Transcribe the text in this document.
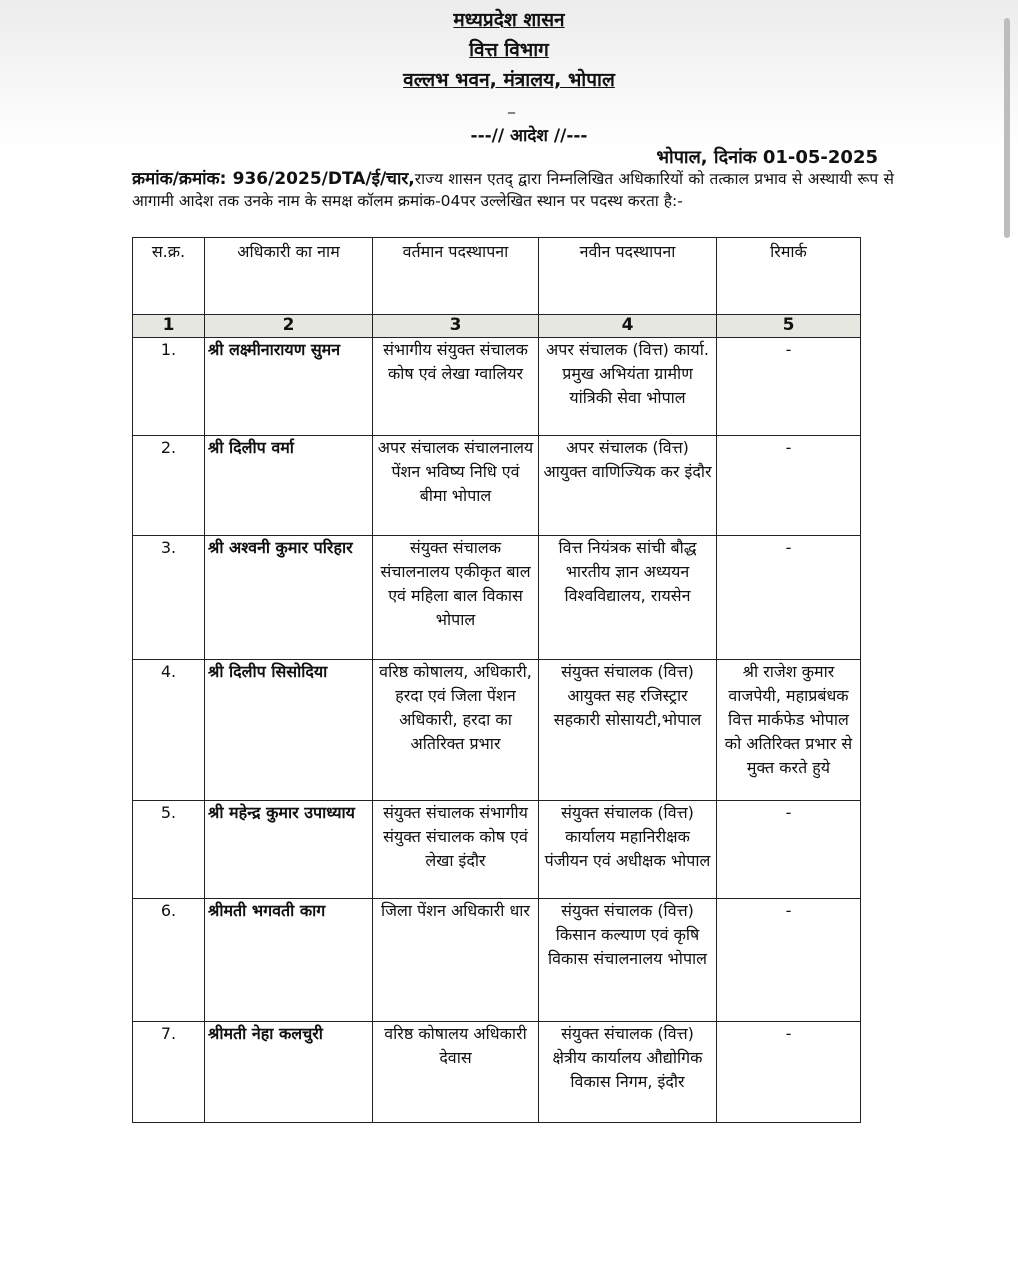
मध्यप्रदेश शासन
वित्त विभाग
वल्लभ भवन, मंत्रालय, भोपाल
_
---// आदेश //---
भोपाल, दिनांक 01-05-2025
क्रमांक/क्रमांक: 936/2025/DTA/ई/चार,राज्य शासन एतद् द्वारा निम्नलिखित अधिकारियों को तत्काल प्रभाव से अस्थायी रूप से आगामी आदेश तक उनके नाम के समक्ष कॉलम क्रमांक-04पर उल्लेखित स्थान पर पदस्थ करता है:-
स.क्र.	अधिकारी का नाम	वर्तमान पदस्थापना	नवीन पदस्थापना	रिमार्क
1	2	3	4	5
1.	श्री लक्ष्मीनारायण सुमन	संभागीय संयुक्त संचालक कोष एवं लेखा ग्वालियर	अपर संचालक (वित्त) कार्या. प्रमुख अभियंता ग्रामीण यांत्रिकी सेवा भोपाल	-
2.	श्री दिलीप वर्मा	अपर संचालक संचालनालय पेंशन भविष्य निधि एवं बीमा भोपाल	अपर संचालक (वित्त) आयुक्त वाणिज्यिक कर इंदौर	-
3.	श्री अश्वनी कुमार परिहार	संयुक्त संचालक संचालनालय एकीकृत बाल एवं महिला बाल विकास भोपाल	वित्त नियंत्रक सांची बौद्ध भारतीय ज्ञान अध्ययन विश्वविद्यालय, रायसेन	-
4.	श्री दिलीप सिसोदिया	वरिष्ठ कोषालय, अधिकारी, हरदा एवं जिला पेंशन अधिकारी, हरदा का अतिरिक्त प्रभार	संयुक्त संचालक (वित्त) आयुक्त सह रजिस्ट्रार सहकारी सोसायटी,भोपाल	श्री राजेश कुमार वाजपेयी, महाप्रबंधक वित्त मार्कफेड भोपाल को अतिरिक्त प्रभार से मुक्त करते हुये
5.	श्री महेन्द्र कुमार उपाध्याय	संयुक्त संचालक संभागीय संयुक्त संचालक कोष एवं लेखा इंदौर	संयुक्त संचालक (वित्त) कार्यालय महानिरीक्षक पंजीयन एवं अधीक्षक भोपाल	-
6.	श्रीमती भगवती काग	जिला पेंशन अधिकारी धार	संयुक्त संचालक (वित्त) किसान कल्याण एवं कृषि विकास संचालनालय भोपाल	-
7.	श्रीमती नेहा कलचुरी	वरिष्ठ कोषालय अधिकारी देवास	संयुक्त संचालक (वित्त) क्षेत्रीय कार्यालय औद्योगिक विकास निगम, इंदौर	-
